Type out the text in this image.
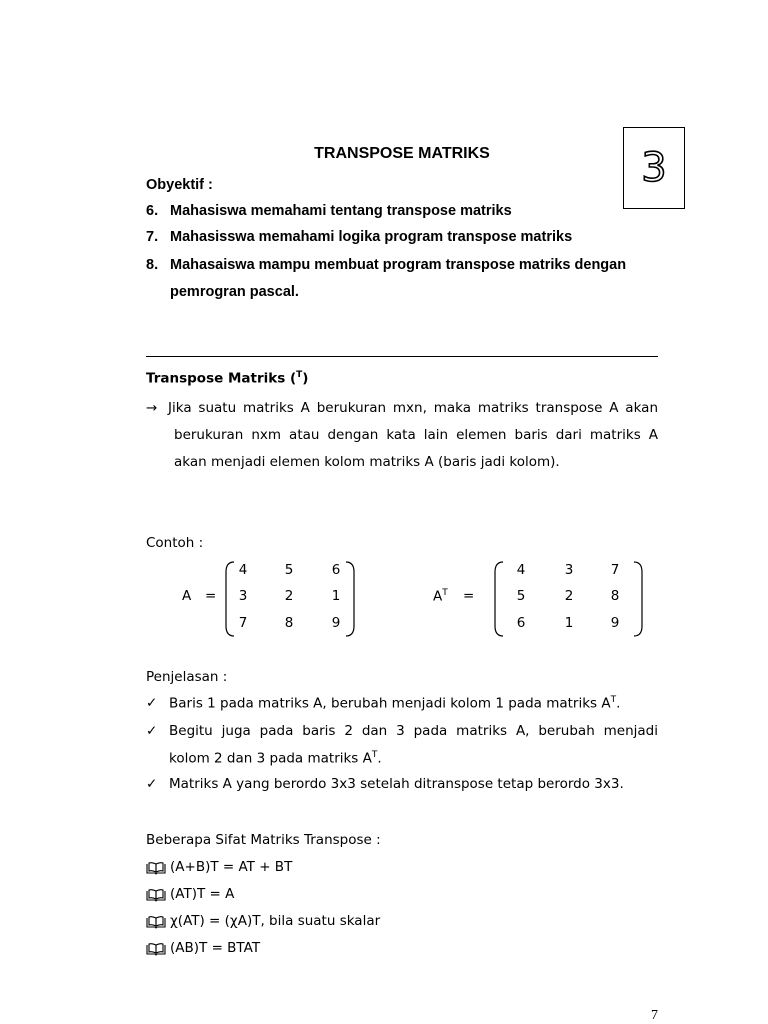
TRANSPOSE MATRIKS	3
Obyektif :
6. Mahasiswa memahami tentang transpose matriks
7. Mahasisswa memahami logika program transpose matriks
8. Mahasaiswa mampu membuat program transpose matriks dengan
pemrogran pascal.
Transpose Matriks ($^T$)
→ Jika suatu matriks A berukuran mxn, maka matriks transpose A akan
berukuran nxm atau dengan kata lain elemen baris dari matriks A
akan menjadi elemen kolom matriks A (baris jadi kolom).
Contoh :
A =
4	5	6
3	2	1
7	8	9
$A^T$ =
4	3	7
5	2	8
6	1	9
Penjelasan :
✓ Baris 1 pada matriks A, berubah menjadi kolom 1 pada matriks $A^T$.
✓ Begitu juga pada baris 2 dan 3 pada matriks A, berubah menjadi
kolom 2 dan 3 pada matriks $A^T$.
✓ Matriks A yang berordo 3x3 setelah ditranspose tetap berordo 3x3.
Beberapa Sifat Matriks Transpose :
(A+B)T = AT + BT
(AT)T = A
χ(AT) = (χA)T, bila suatu skalar
(AB)T = BTAT
7
